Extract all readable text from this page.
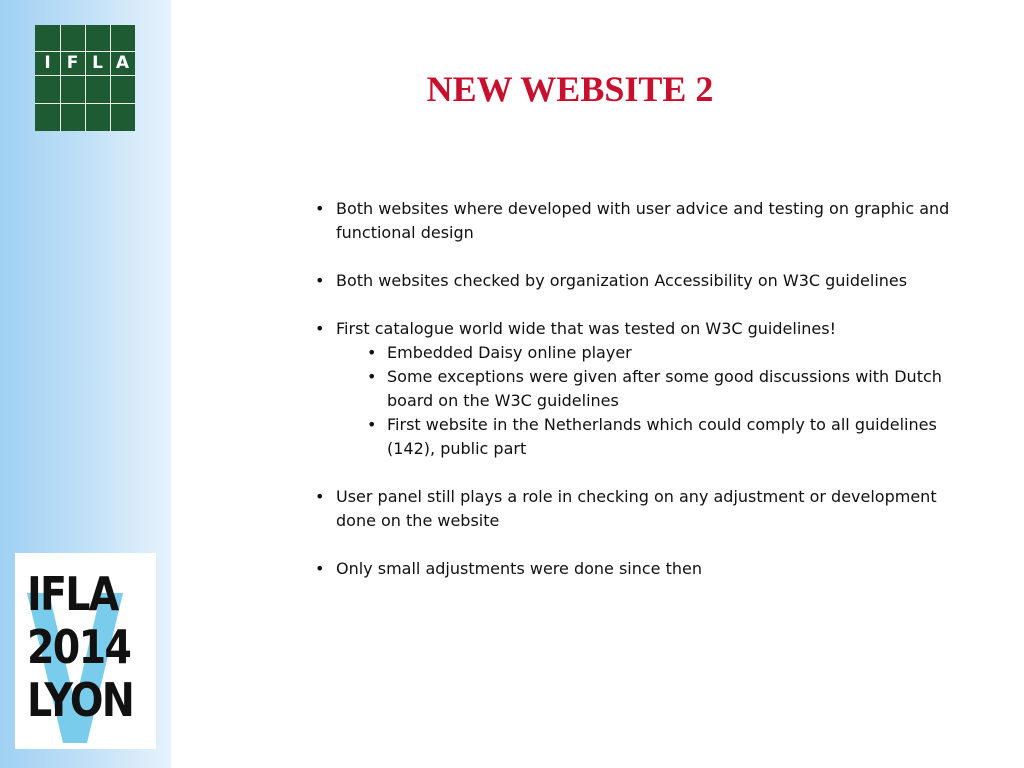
I F L A
IFLA
2014
LYON
NEW WEBSITE 2
• Both websites where developed with user advice and testing on graphic and functional design
• Both websites checked by organization Accessibility on W3C guidelines
• First catalogue world wide that was tested on W3C guidelines!
• Embedded Daisy online player
• Some exceptions were given after some good discussions with Dutch board on the W3C guidelines
• First website in the Netherlands which could comply to all guidelines (142), public part
• User panel still plays a role in checking on any adjustment or development done on the website
• Only small adjustments were done since then
